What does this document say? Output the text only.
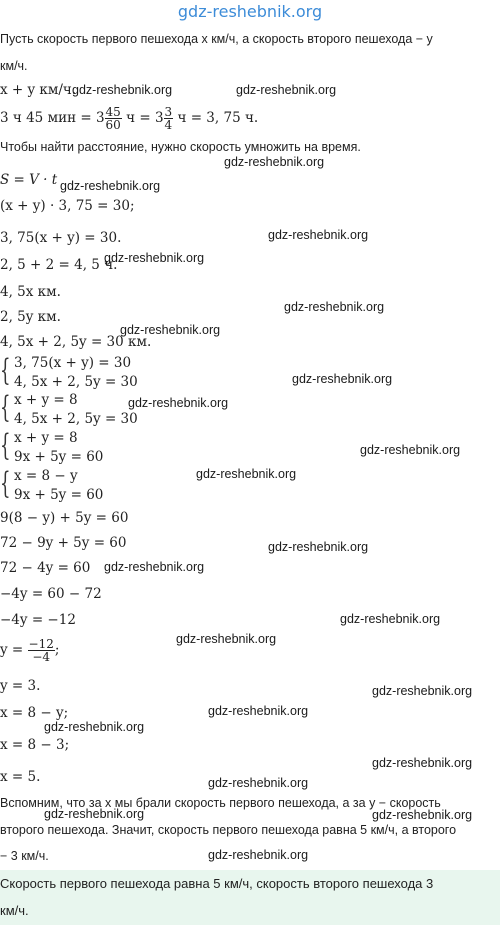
gdz-reshebnik.org
Пусть скорость первого пешехода x км/ч, а скорость второго пешехода − y
км/ч.
x + y км/ч.
3 ч 45 мин = $3 \frac{45}{60}$ $ч = 3 \frac{3}{4}$ ч = 3, 75 ч.
Чтобы найти расстояние, нужно скорость умножить на время.
S = V · t
(x + y) · 3, 75 = 30;
3, 75(x + y) = 30.
2, 5 + 2 = 4, 5 ч.
4, 5x км.
2, 5y км.
4, 5x + 2, 5y = 30 км.
{ 3, 75(x + y) = 30
4, 5x + 2, 5y = 30
{ x + y = 8
4, 5x + 2, 5y = 30
{ x + y = 8
9x + 5y = 60
{ x = 8 − y
9x + 5y = 60
9(8 − y) + 5y = 60
72 − 9y + 5y = 60
72 − 4y = 60
−4y = 60 − 72
−4y = −12
$y = \frac{-12}{-4}$ ;
y = 3.
x = 8 − y;
x = 8 − 3;
x = 5.
Вспомним, что за x мы брали скорость первого пешехода, а за y − скорость
второго пешехода. Значит, скорость первого пешехода равна 5 км/ч, а второго
− 3 км/ч.
Скорость первого пешехода равна 5 км/ч, скорость второго пешехода 3
км/ч.
gdz-reshebnik.org	gdz-reshebnik.org
gdz-reshebnik.org
gdz-reshebnik.org
gdz-reshebnik.org
gdz-reshebnik.org
gdz-reshebnik.org
gdz-reshebnik.org
gdz-reshebnik.org
gdz-reshebnik.org
gdz-reshebnik.org
gdz-reshebnik.org
gdz-reshebnik.org
gdz-reshebnik.org
gdz-reshebnik.org
gdz-reshebnik.org
gdz-reshebnik.org
gdz-reshebnik.org
gdz-reshebnik.org
gdz-reshebnik.org
gdz-reshebnik.org
gdz-reshebnik.org	gdz-reshebnik.org
gdz-reshebnik.org
